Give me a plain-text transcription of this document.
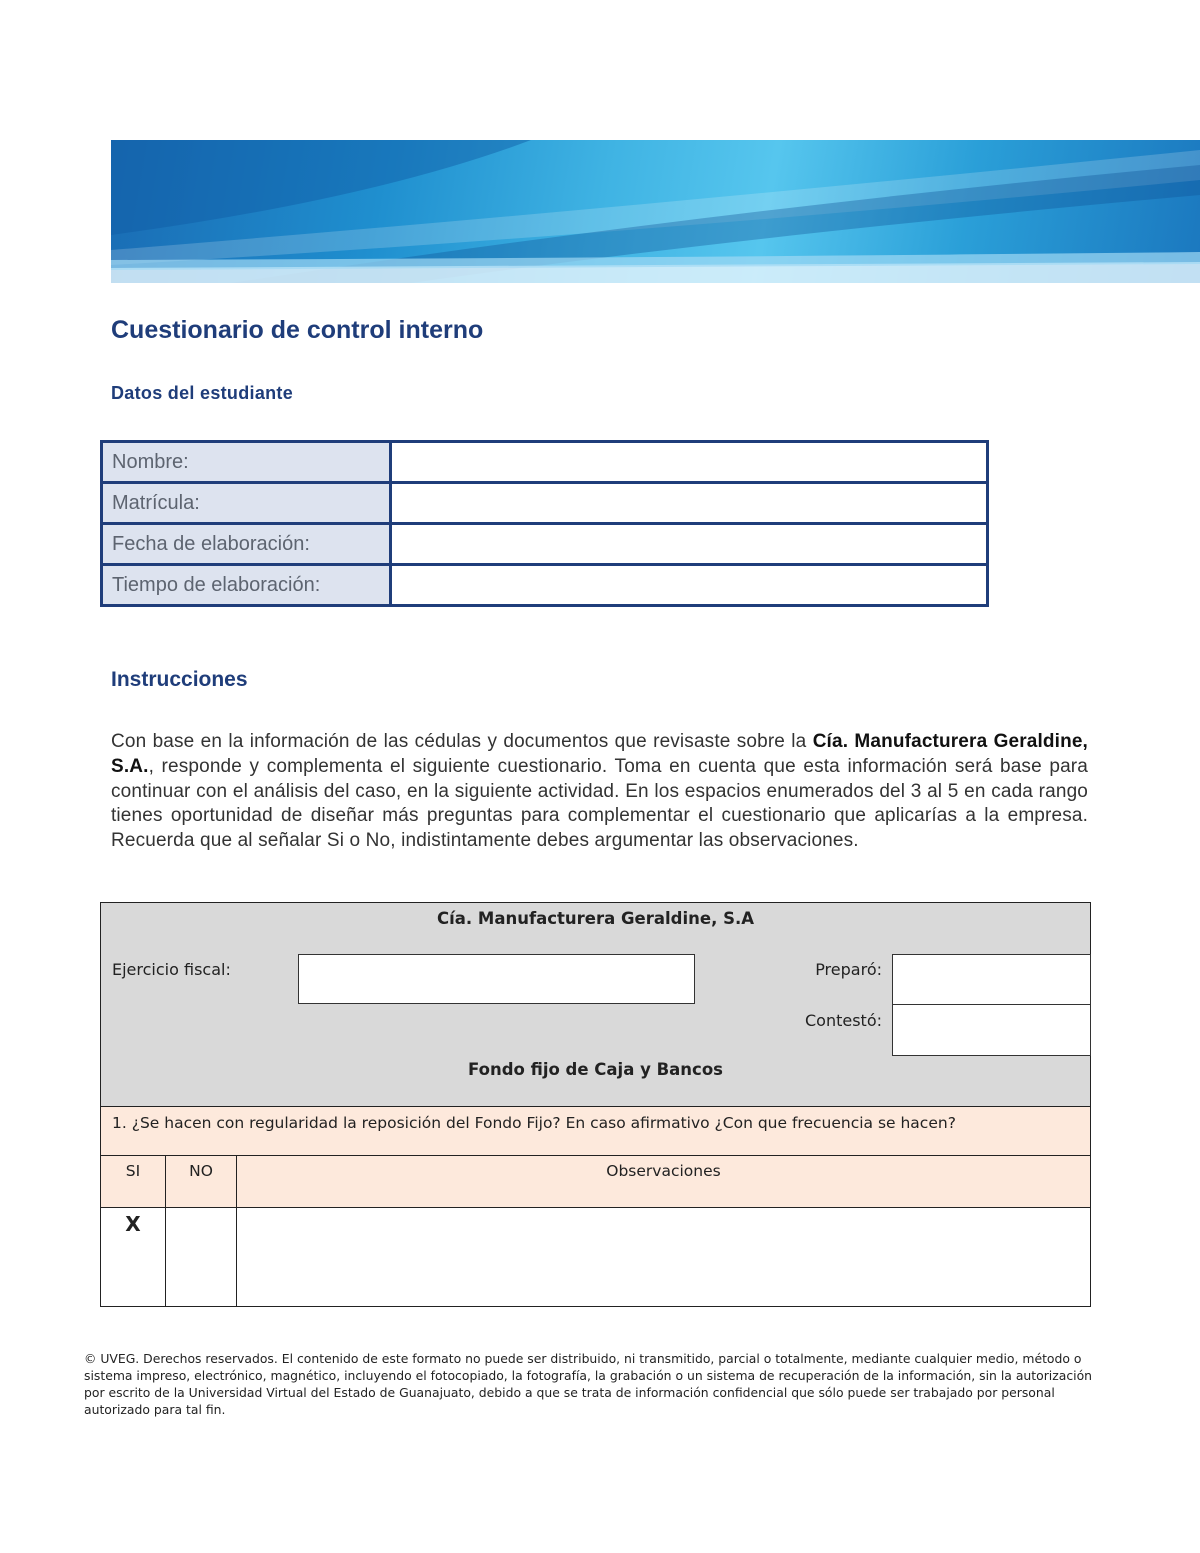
Cuestionario de control interno
Datos del estudiante
Nombre:	
Matrícula:	
Fecha de elaboración:	
Tiempo de elaboración:	
Instrucciones

Con base en la información de las cédulas y documentos que revisaste sobre la Cía. Manufacturera Geraldine, S.A., responde y complementa el siguiente cuestionario. Toma en cuenta que esta información será base para continuar con el análisis del caso, en la siguiente actividad. En los espacios enumerados del 3 al 5 en cada rango tienes oportunidad de diseñar más preguntas para complementar el cuestionario que aplicarías a la empresa. Recuerda que al señalar Si o No, indistintamente debes argumentar las observaciones.

Cía. Manufacturera Geraldine, S.A
Ejercicio fiscal:	Preparó:
Contestó:
Fondo fijo de Caja y Bancos
1. ¿Se hacen con regularidad la reposición del Fondo Fijo? En caso afirmativo ¿Con que frecuencia se hacen?
SI	NO	Observaciones
X

© UVEG. Derechos reservados. El contenido de este formato no puede ser distribuido, ni transmitido, parcial o totalmente, mediante cualquier medio, método o sistema impreso, electrónico, magnético, incluyendo el fotocopiado, la fotografía, la grabación o un sistema de recuperación de la información, sin la autorización por escrito de la Universidad Virtual del Estado de Guanajuato, debido a que se trata de información confidencial que sólo puede ser trabajado por personal autorizado para tal fin.
